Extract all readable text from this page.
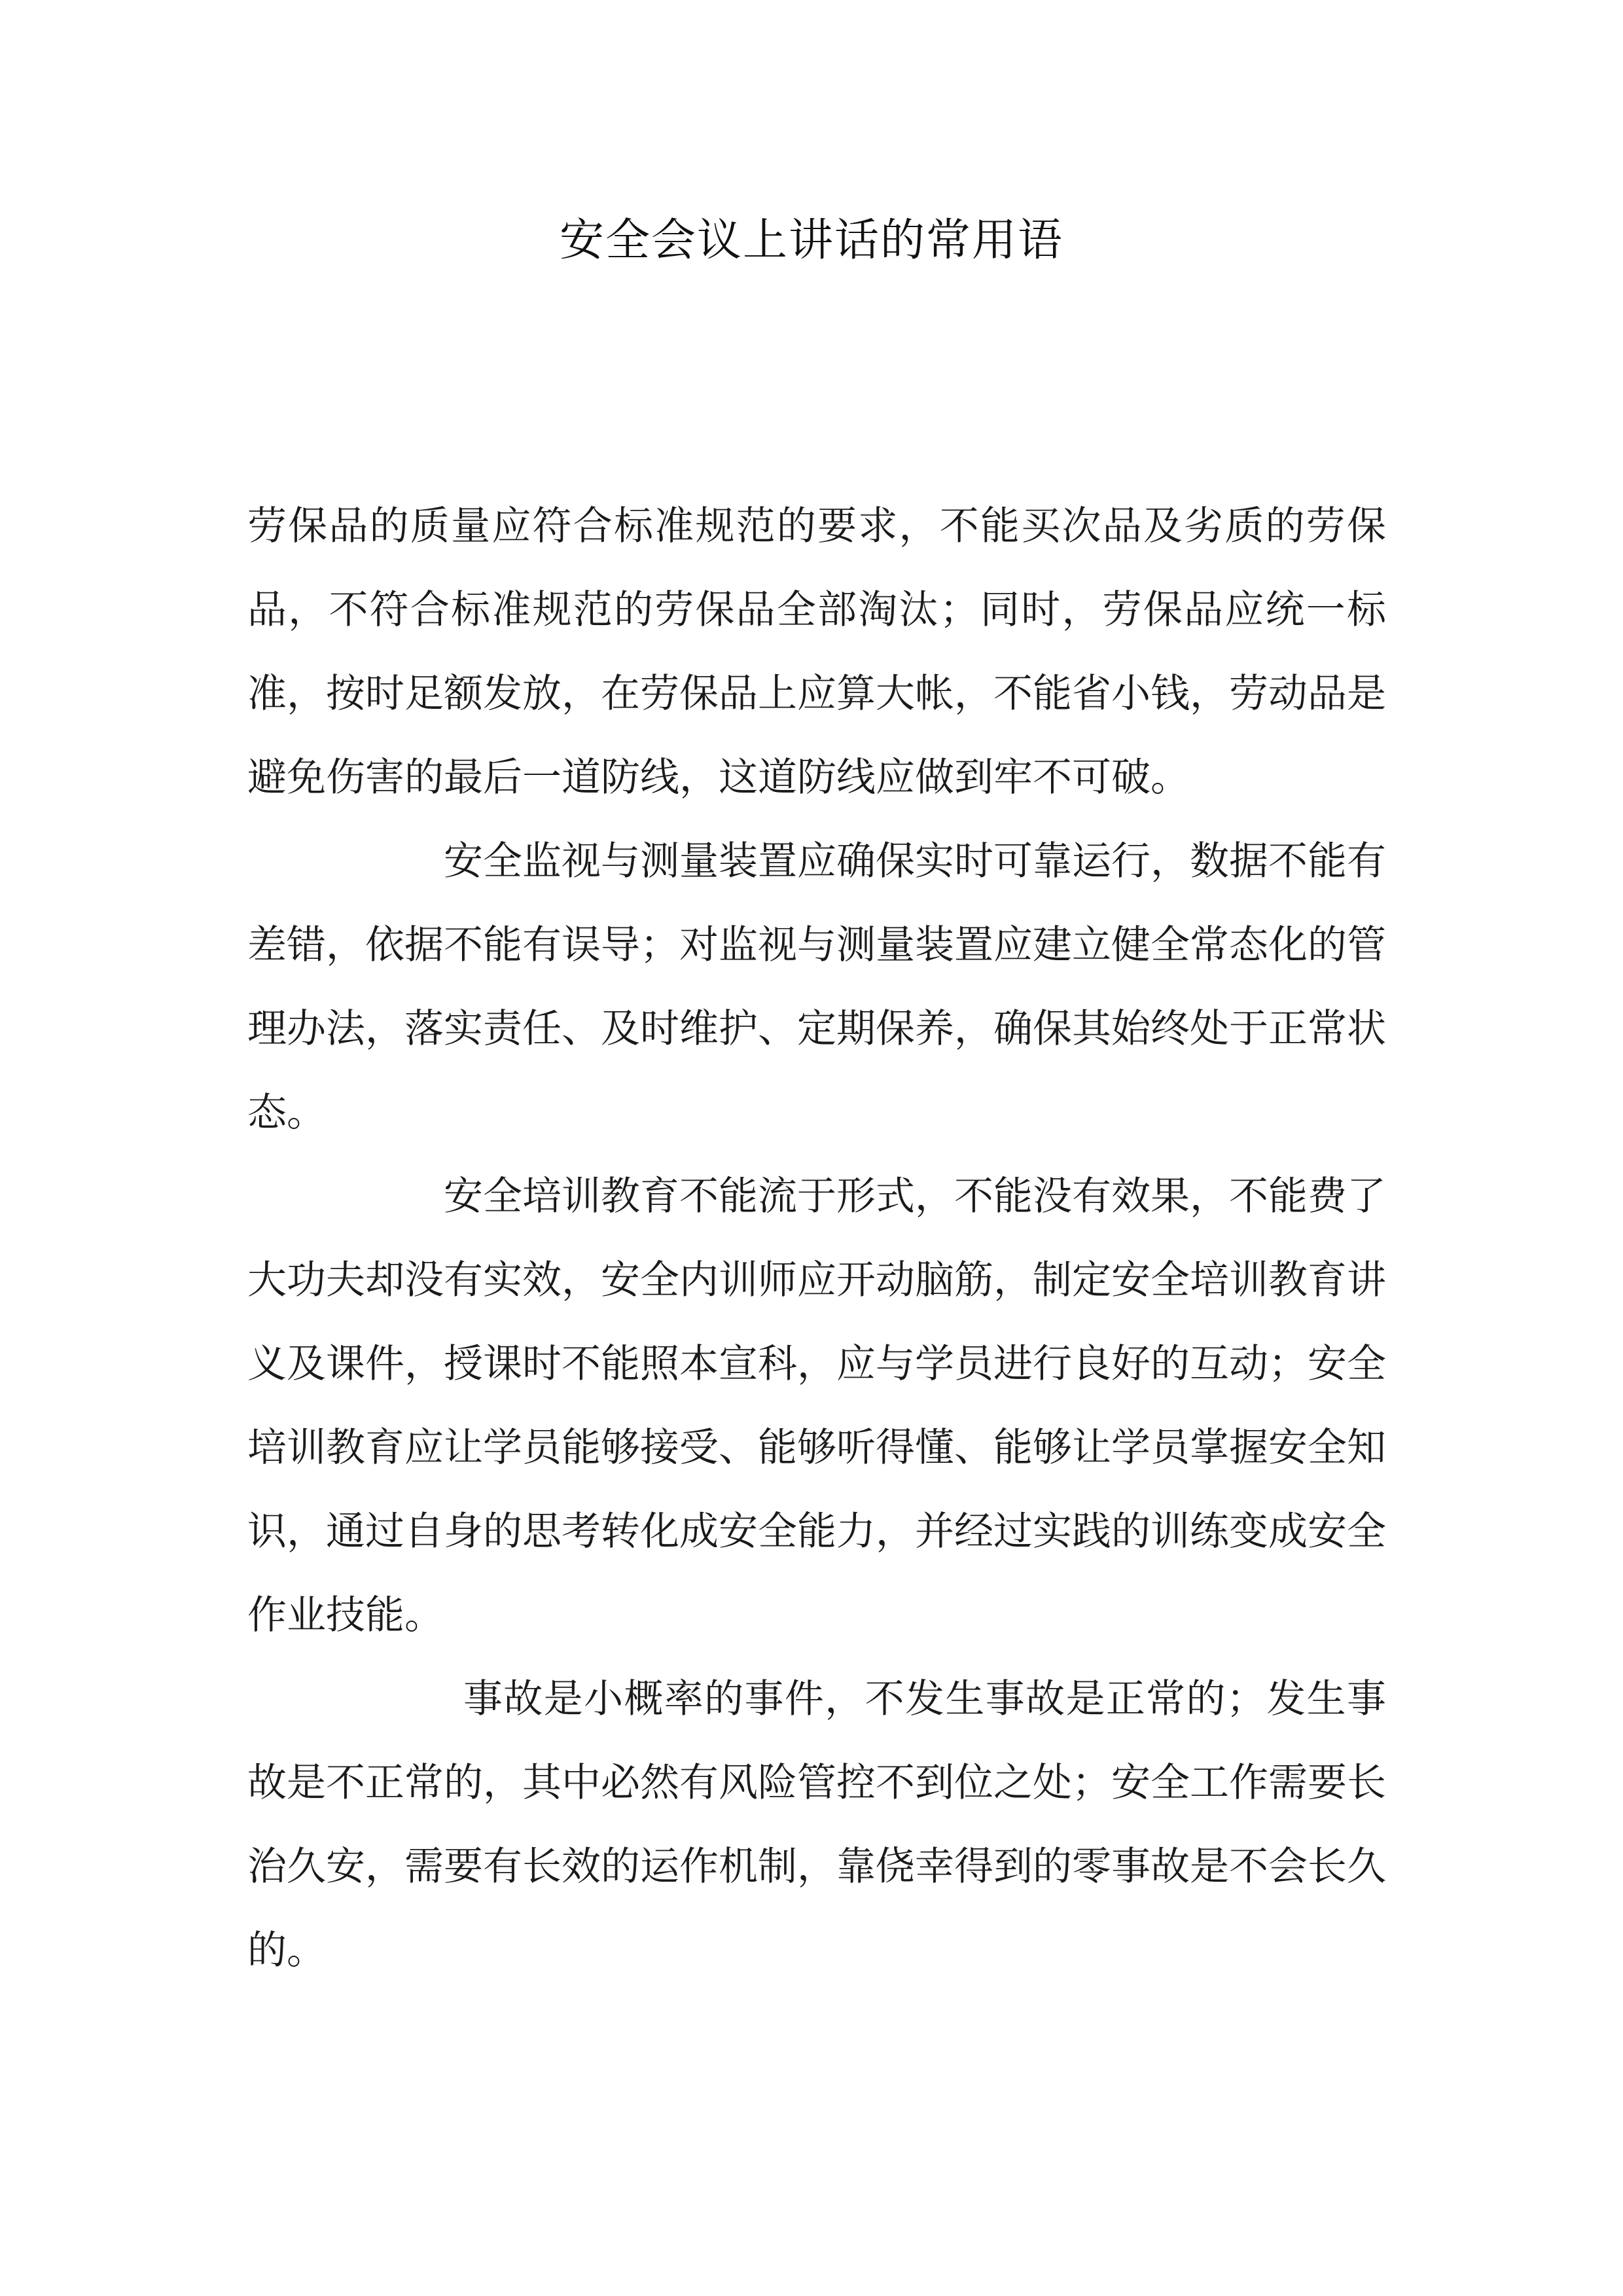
安全会议上讲话的常用语

劳保品的质量应符合标准规范的要求，不能买次品及劣质的劳保品，不符合标准规范的劳保品全部淘汰；同时，劳保品应统一标准，按时足额发放，在劳保品上应算大帐，不能省小钱，劳动品是避免伤害的最后一道防线，这道防线应做到牢不可破。

安全监视与测量装置应确保实时可靠运行，数据不能有差错，依据不能有误导；对监视与测量装置应建立健全常态化的管理办法，落实责任、及时维护、定期保养，确保其始终处于正常状态。

安全培训教育不能流于形式，不能没有效果，不能费了大功夫却没有实效，安全内训师应开动脑筋，制定安全培训教育讲义及课件，授课时不能照本宣科，应与学员进行良好的互动；安全培训教育应让学员能够接受、能够听得懂、能够让学员掌握安全知识，通过自身的思考转化成安全能力，并经过实践的训练变成安全作业技能。

事故是小概率的事件，不发生事故是正常的；发生事故是不正常的，其中必然有风险管控不到位之处；安全工作需要长治久安，需要有长效的运作机制，靠侥幸得到的零事故是不会长久的。
